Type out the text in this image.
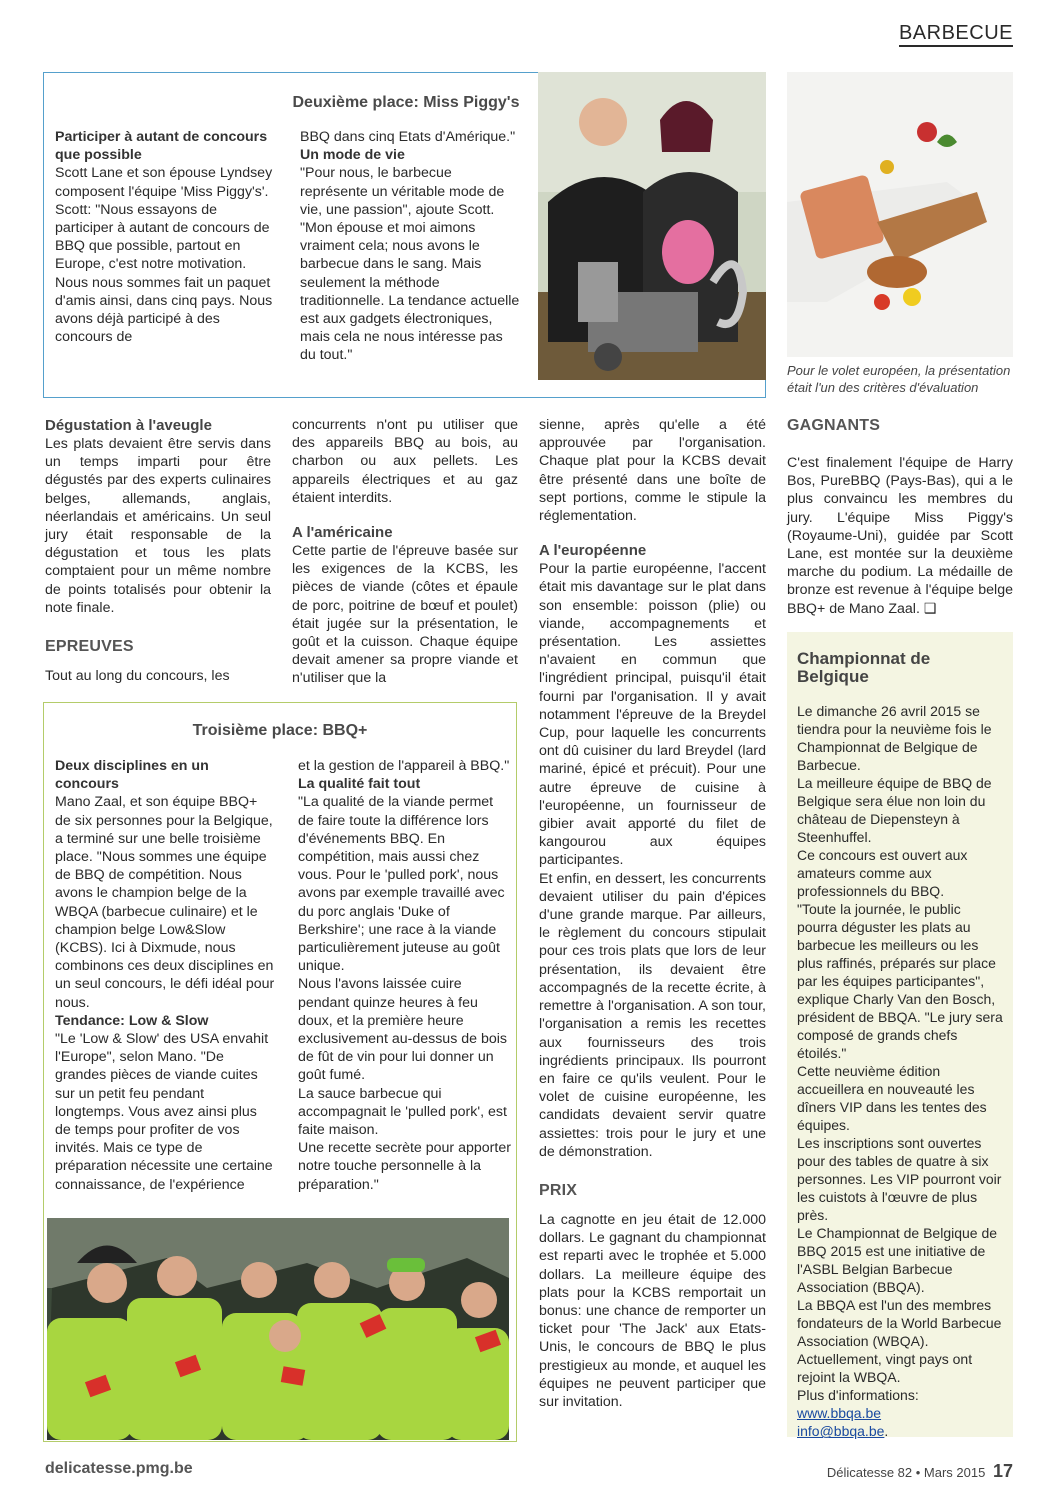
BARBECUE
Deuxième place: Miss Piggy's

Participer à autant de concours que possible

Scott Lane et son épouse Lyndsey composent l'équipe 'Miss Piggy's'.

Scott: "Nous essayons de participer à autant de concours de BBQ que possible, partout en Europe, c'est notre motivation.

Nous nous sommes fait un paquet d'amis ainsi, dans cinq pays. Nous avons déjà participé à des concours de

BBQ dans cinq Etats d'Amérique."

Un mode de vie

"Pour nous, le barbecue représente un véritable mode de vie, une passion", ajoute Scott. "Mon épouse et moi aimons vraiment cela; nous avons le barbecue dans le sang. Mais seulement la méthode traditionnelle. La tendance actuelle est aux gadgets électroniques, mais cela ne nous intéresse pas du tout."

Pour le volet européen, la présentation était l'un des critères d'évaluation
Dégustation à l'aveugle

Les plats devaient être servis dans un temps imparti pour être dégustés par des experts culinaires belges, allemands, anglais, néerlandais et américains. Un seul jury était responsable de la dégustation et tous les plats comptaient pour un même nombre de points totalisés pour obtenir la note finale.

EPREUVES

Tout au long du concours, les

concurrents n'ont pu utiliser que des appareils BBQ au bois, au charbon ou aux pellets. Les appareils électriques et au gaz étaient interdits.

A l'américaine

Cette partie de l'épreuve basée sur les exigences de la KCBS, les pièces de viande (côtes et épaule de porc, poitrine de bœuf et poulet) était jugée sur la présentation, le goût et la cuisson. Chaque équipe devait amener sa propre viande et n'utiliser que la

sienne, après qu'elle a été approuvée par l'organisation. Chaque plat pour la KCBS devait être présenté dans une boîte de sept portions, comme le stipule la réglementation.

A l'européenne

Pour la partie européenne, l'accent était mis davantage sur le plat dans son ensemble: poisson (plie) ou viande, accompagnements et présentation. Les assiettes n'avaient en commun que l'ingrédient principal, puisqu'il était fourni par l'organisation. Il y avait notamment l'épreuve de la Breydel Cup, pour laquelle les concurrents ont dû cuisiner du lard Breydel (lard mariné, épicé et précuit). Pour une autre épreuve de cuisine à l'européenne, un fournisseur de gibier avait apporté du filet de kangourou aux équipes participantes.

Et enfin, en dessert, les concurrents devaient utiliser du pain d'épices d'une grande marque. Par ailleurs, le règlement du concours stipulait pour ces trois plats que lors de leur présentation, ils devaient être accompagnés de la recette écrite, à remettre à l'organisation. A son tour, l'organisation a remis les recettes aux fournisseurs des trois ingrédients principaux. Ils pourront en faire ce qu'ils veulent. Pour le volet de cuisine européenne, les candidats devaient servir quatre assiettes: trois pour le jury et une de démonstration.

PRIX

La cagnotte en jeu était de 12.000 dollars. Le gagnant du championnat est reparti avec le trophée et 5.000 dollars. La meilleure équipe des plats pour la KCBS remportait un bonus: une chance de remporter un ticket pour 'The Jack' aux Etats-Unis, le concours de BBQ le plus prestigieux au monde, et auquel les équipes ne peuvent participer que sur invitation.

GAGNANTS

C'est finalement l'équipe de Harry Bos, PureBBQ (Pays-Bas), qui a le plus convaincu les membres du jury. L'équipe Miss Piggy's (Royaume-Uni), guidée par Scott Lane, est montée sur la deuxième marche du podium. La médaille de bronze est revenue à l'équipe belge BBQ+ de Mano Zaal. ❑

Troisième place: BBQ+

Deux disciplines en un concours

Mano Zaal, et son équipe BBQ+ de six personnes pour la Belgique, a terminé sur une belle troisième place. "Nous sommes une équipe de BBQ de compétition. Nous avons le champion belge de la WBQA (barbecue culinaire) et le champion belge Low&Slow (KCBS). Ici à Dixmude, nous combinons ces deux disciplines en un seul concours, le défi idéal pour nous.

Tendance: Low & Slow

"Le 'Low & Slow' des USA envahit l'Europe", selon Mano. "De grandes pièces de viande cuites sur un petit feu pendant longtemps. Vous avez ainsi plus de temps pour profiter de vos invités. Mais ce type de préparation nécessite une certaine connaissance, de l'expérience

et la gestion de l'appareil à BBQ."

La qualité fait tout

"La qualité de la viande permet de faire toute la différence lors d'événements BBQ. En compétition, mais aussi chez vous. Pour le 'pulled pork', nous avons par exemple travaillé avec du porc anglais 'Duke of Berkshire'; une race à la viande particulièrement juteuse au goût unique.

Nous l'avons laissée cuire pendant quinze heures à feu doux, et la première heure exclusivement au-dessus de bois de fût de vin pour lui donner un goût fumé.

La sauce barbecue qui accompagnait le 'pulled pork', est faite maison.

Une recette secrète pour apporter notre touche personnelle à la préparation."

Championnat de Belgique

Le dimanche 26 avril 2015 se tiendra pour la neuvième fois le Championnat de Belgique de Barbecue.

La meilleure équipe de BBQ de Belgique sera élue non loin du château de Diepensteyn à Steenhuffel.

Ce concours est ouvert aux amateurs comme aux professionnels du BBQ.

"Toute la journée, le public pourra déguster les plats au barbecue les meilleurs ou les plus raffinés, préparés sur place par les équipes participantes", explique Charly Van den Bosch, président de BBQA. "Le jury sera composé de grands chefs étoilés."

Cette neuvième édition accueillera en nouveauté les dîners VIP dans les tentes des équipes.

Les inscriptions sont ouvertes pour des tables de quatre à six personnes. Les VIP pourront voir les cuistots à l'œuvre de plus près.

Le Championnat de Belgique de BBQ 2015 est une initiative de l'ASBL Belgian Barbecue Association (BBQA).

La BBQA est l'un des membres fondateurs de la World Barbecue Association (WBQA). Actuellement, vingt pays ont rejoint la WBQA.

Plus d'informations:

www.bbqa.be

info@bbqa.be.

delicatesse.pmg.be	Délicatesse 82 • Mars 2015 17
